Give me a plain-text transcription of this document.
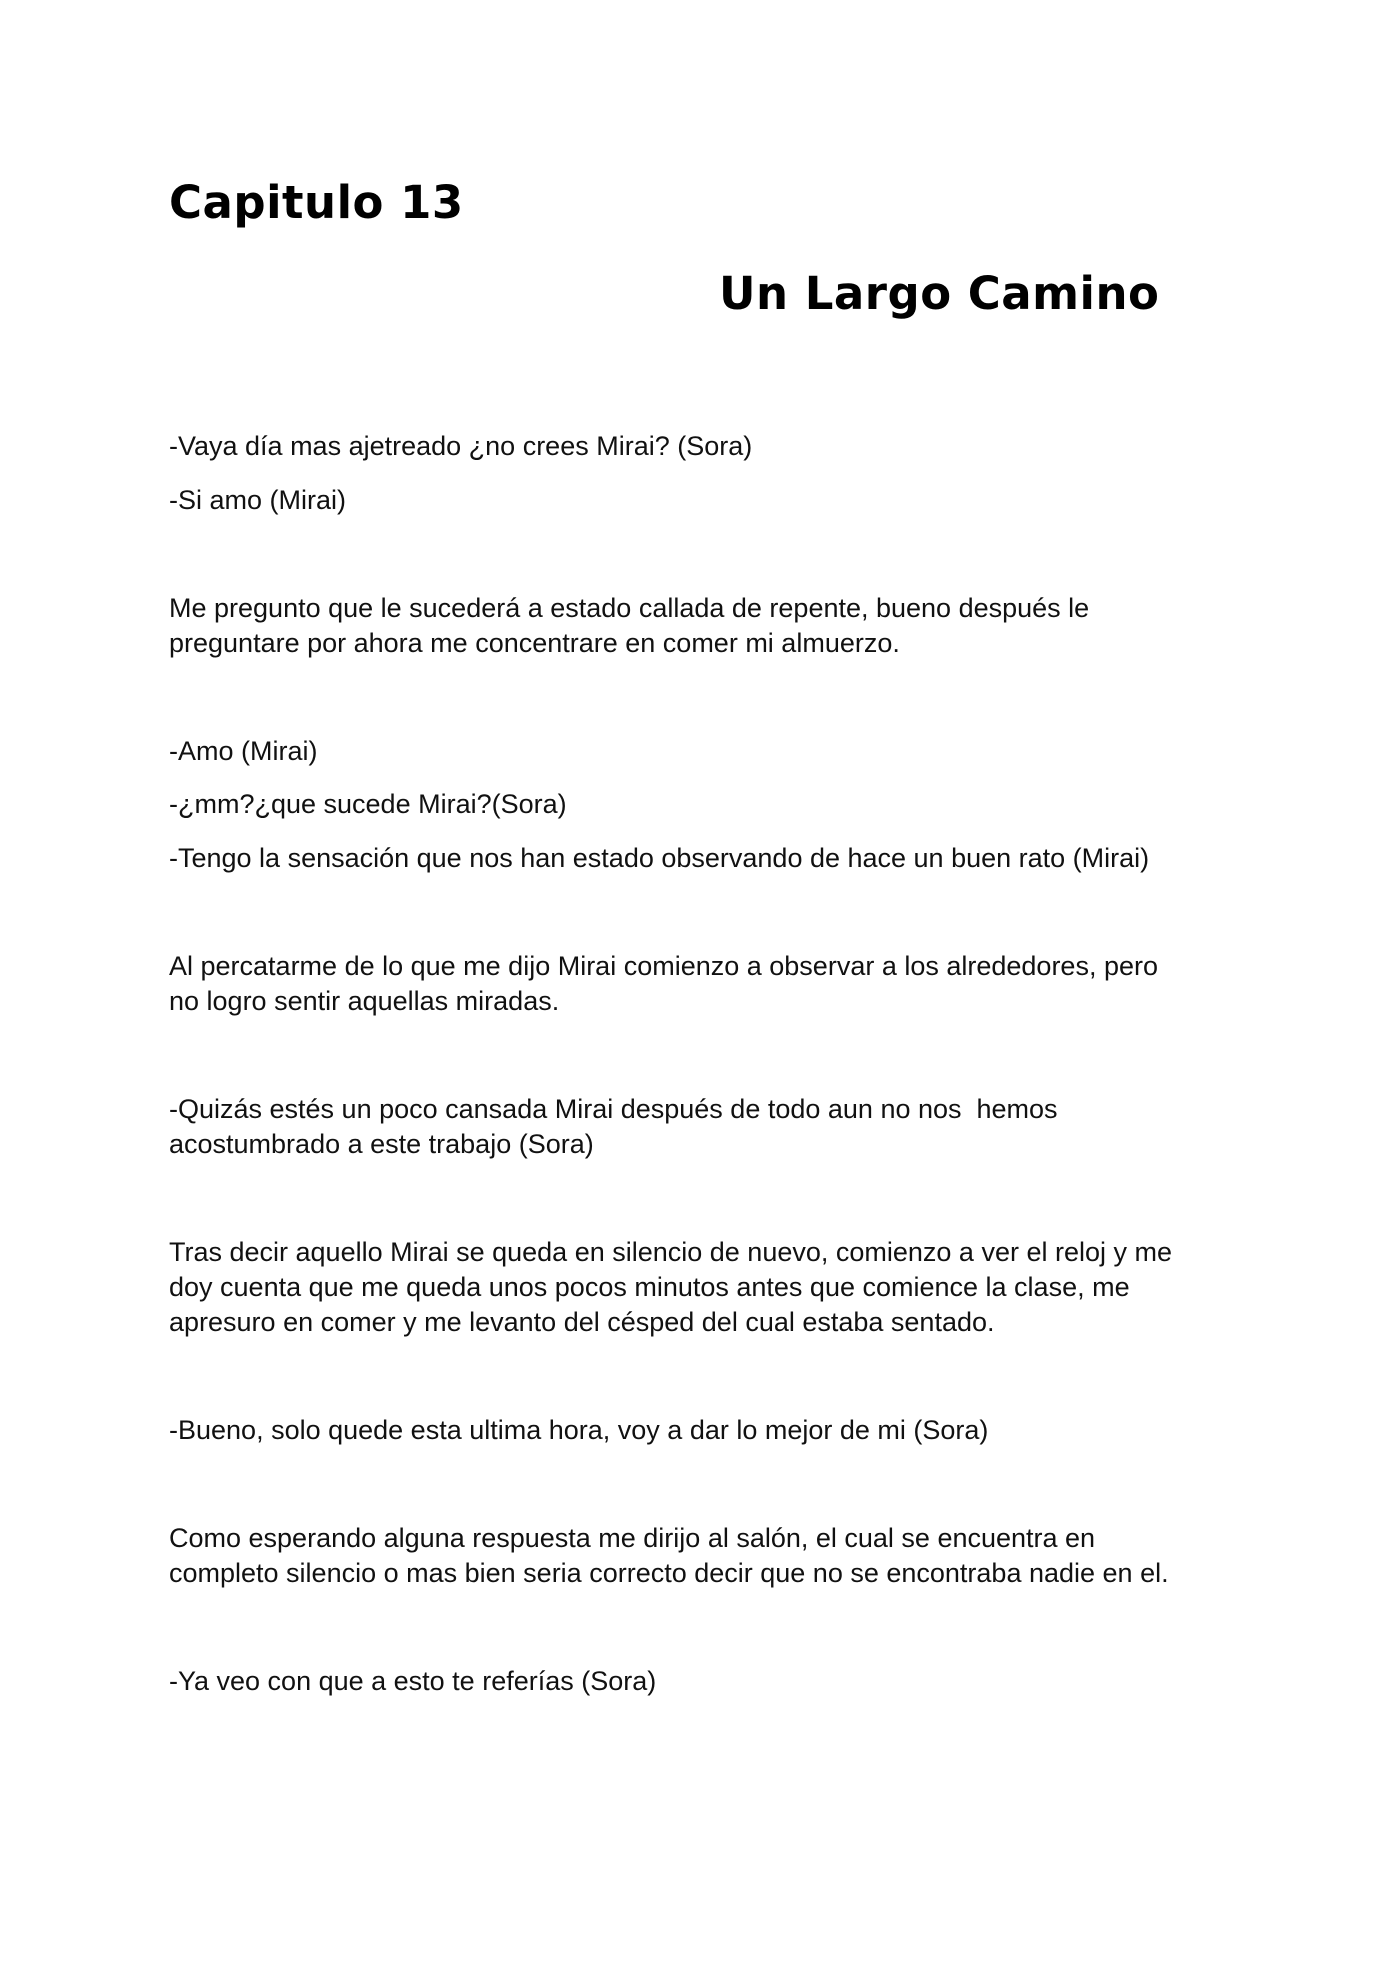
Capitulo 13
Un Largo Camino

-Vaya día mas ajetreado ¿no crees Mirai? (Sora)

-Si amo (Mirai)

Me pregunto que le sucederá a estado callada de repente, bueno después le

preguntare por ahora me concentrare en comer mi almuerzo.

-Amo (Mirai)

-¿mm?¿que sucede Mirai?(Sora)

-Tengo la sensación que nos han estado observando de hace un buen rato (Mirai)

Al percatarme de lo que me dijo Mirai comienzo a observar a los alrededores, pero

no logro sentir aquellas miradas.

-Quizás estés un poco cansada Mirai después de todo aun no nos  hemos

acostumbrado a este trabajo (Sora)

Tras decir aquello Mirai se queda en silencio de nuevo, comienzo a ver el reloj y me

doy cuenta que me queda unos pocos minutos antes que comience la clase, me

apresuro en comer y me levanto del césped del cual estaba sentado.

-Bueno, solo quede esta ultima hora, voy a dar lo mejor de mi (Sora)

Como esperando alguna respuesta me dirijo al salón, el cual se encuentra en

completo silencio o mas bien seria correcto decir que no se encontraba nadie en el.

-Ya veo con que a esto te referías (Sora)
